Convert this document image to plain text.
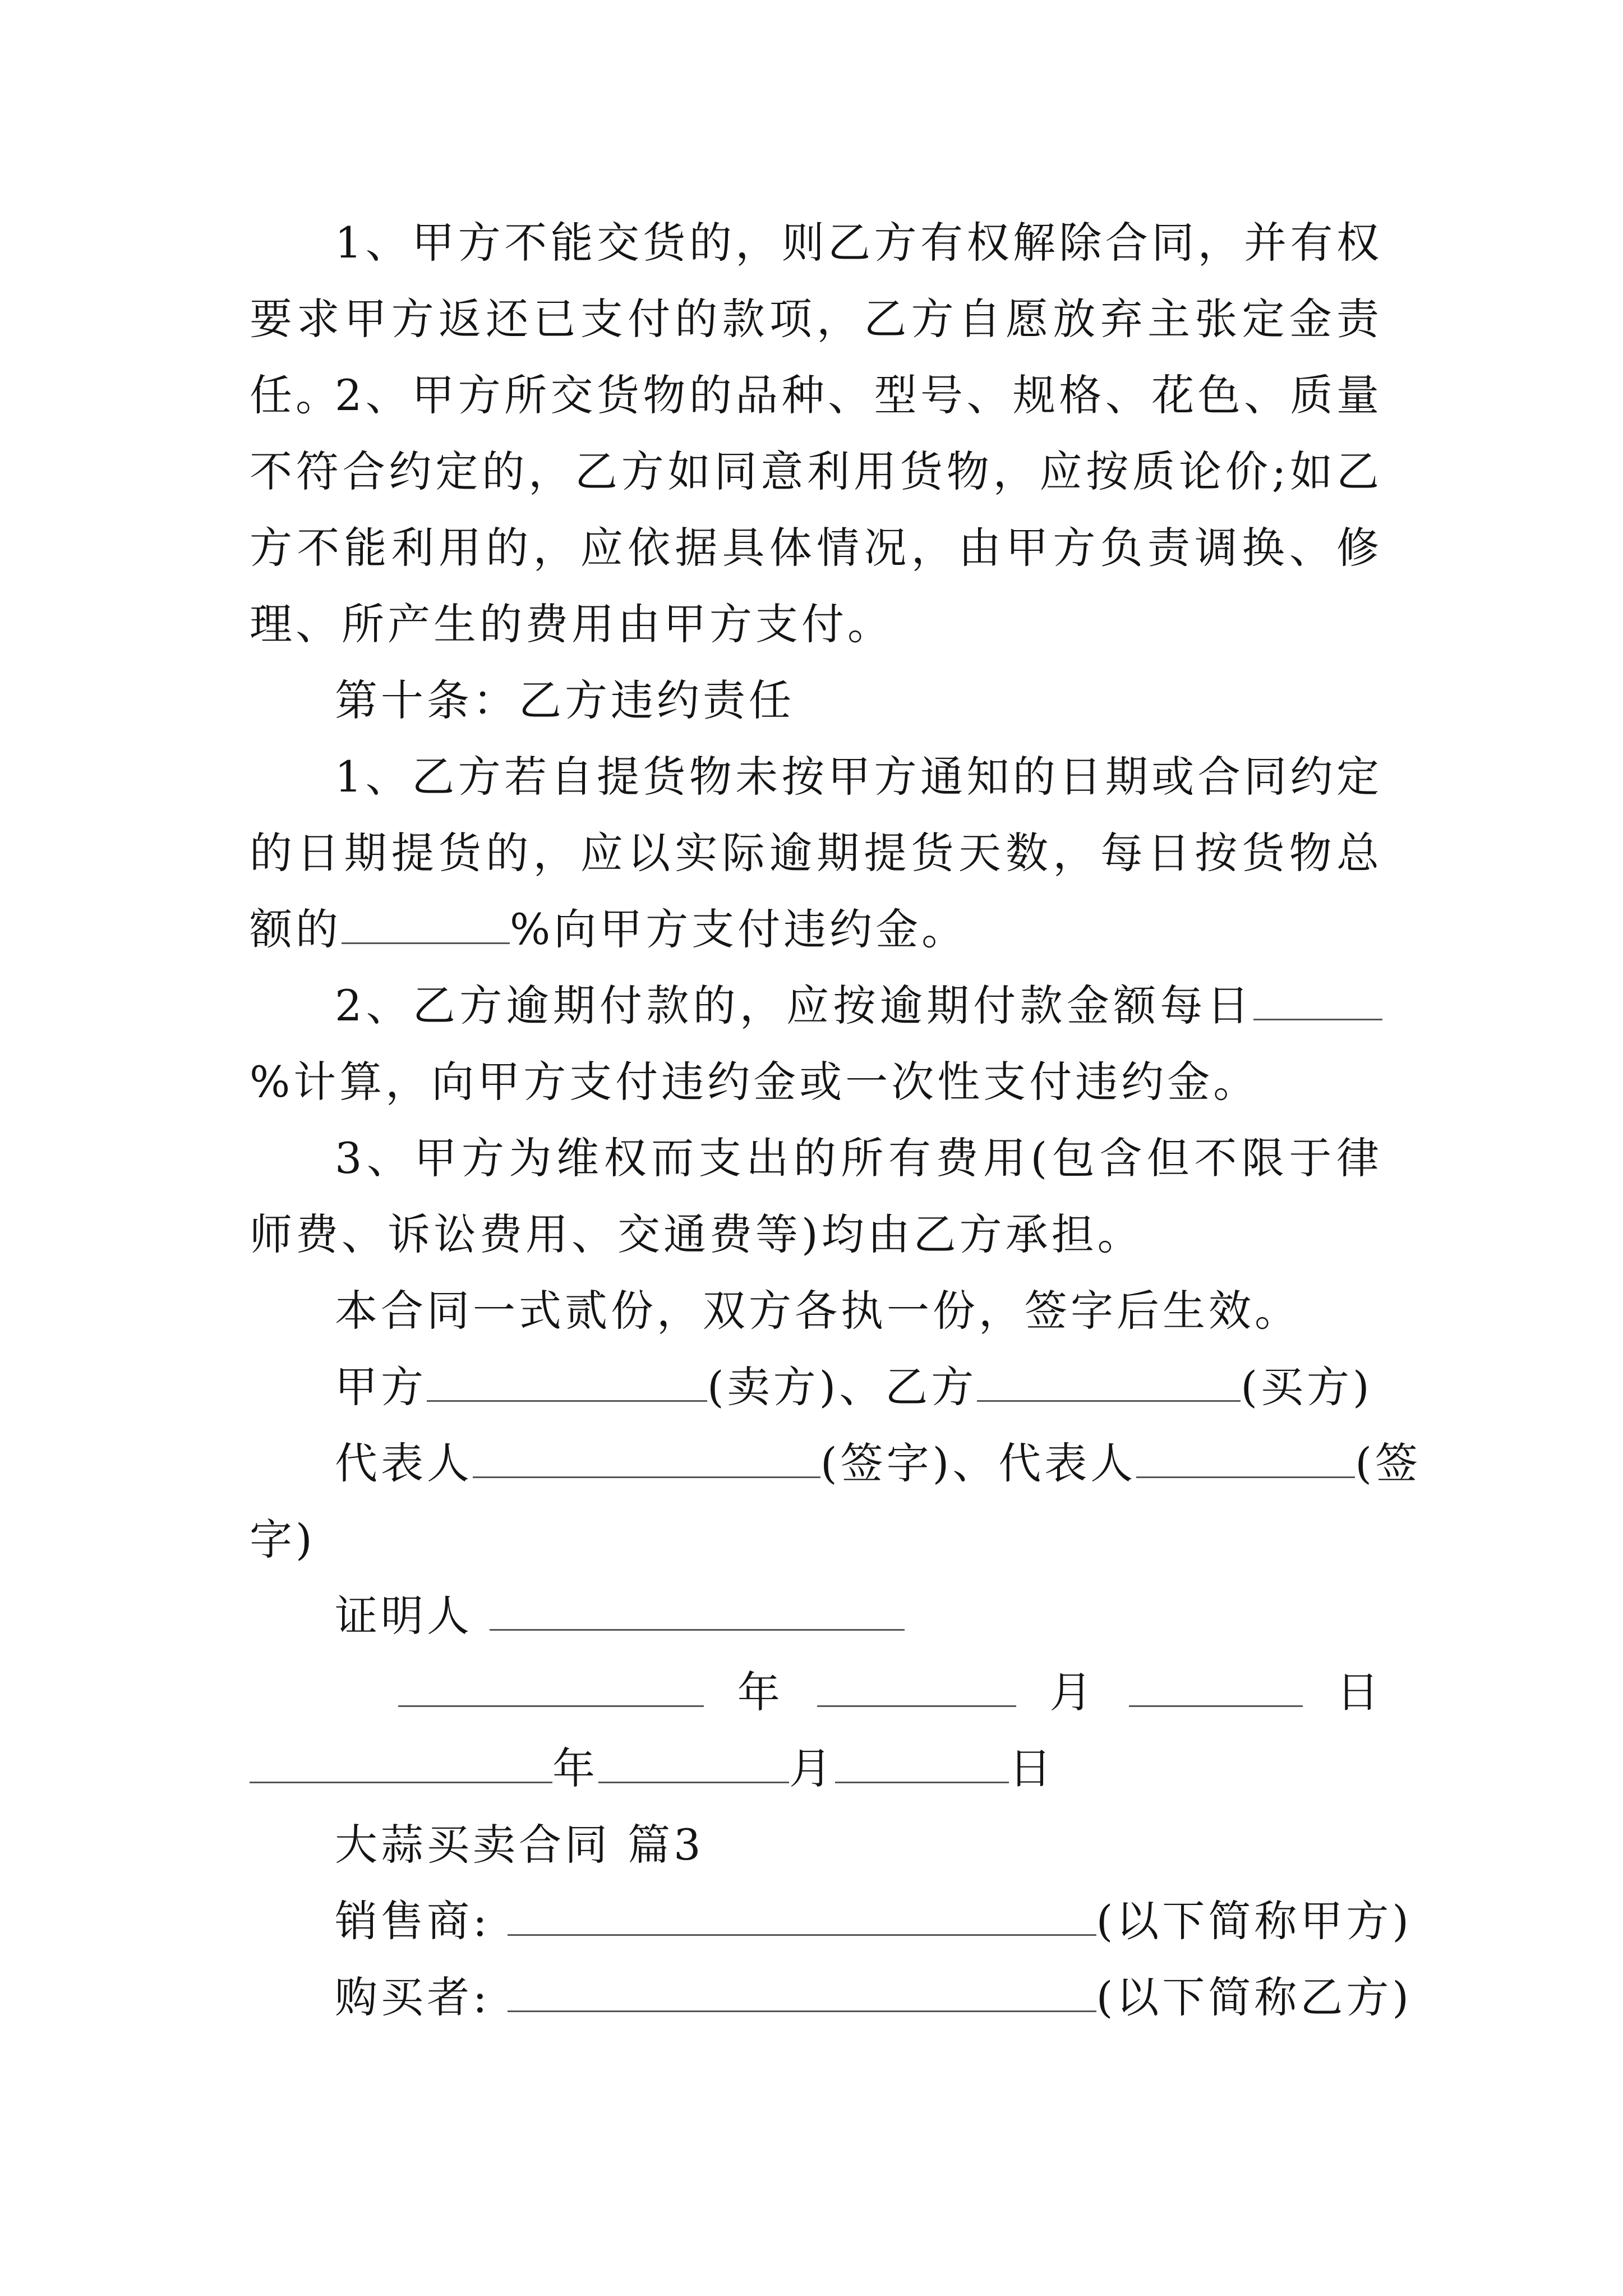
1、甲方不能交货的，则乙方有权解除合同，并有权要求甲方返还已支付的款项，乙方自愿放弃主张定金责任。

2、甲方所交货物的品种、型号、规格、花色、质量不符合约定的，乙方如同意利用货物，应按质论价;如乙方不能利用的，应依据具体情况，由甲方负责调换、修理、所产生的费用由甲方支付。

第十条：乙方违约责任

1、乙方若自提货物未按甲方通知的日期或合同约定的日期提货的，应以实际逾期提货天数，每日按货物总额的	%向甲方支付违约金。

2、乙方逾期付款的，应按逾期付款金额每日%计算，向甲方支付违约金或一次性支付违约金。

3、甲方为维权而支出的所有费用(包含但不限于律师费、诉讼费用、交通费等)均由乙方承担。

本合同一式贰份，双方各执一份，签字后生效。
甲方	(卖方)、乙方	(买方)
代表人	(签字)、代表人	(签
字)
证明人
年	月	日
年	月	日
大蒜买卖合同 篇3
销售商:	(以下简称甲方)
购买者:	(以下简称乙方)
